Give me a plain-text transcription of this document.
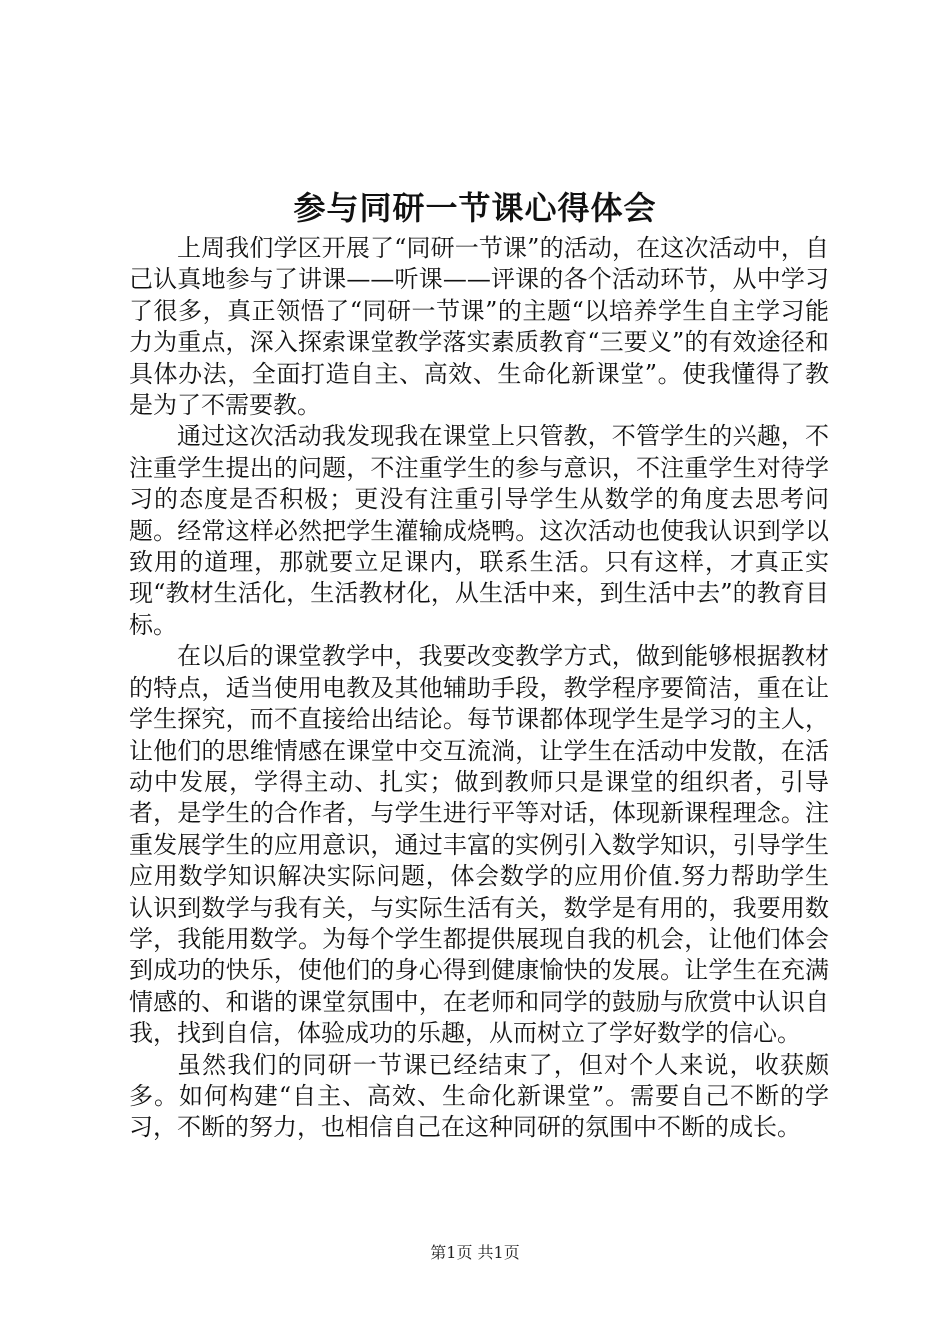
参与同研一节课心得体会

上周我们学区开展了“同研一节课”的活动，在这次活动中，自己认真地参与了讲课——听课——评课的各个活动环节，从中学习了很多，真正领悟了“同研一节课”的主题“以培养学生自主学习能力为重点，深入探索课堂教学落实素质教育“三要义”的有效途径和具体办法，全面打造自主、高效、生命化新课堂”。使我懂得了教是为了不需要教。

通过这次活动我发现我在课堂上只管教，不管学生的兴趣，不注重学生提出的问题，不注重学生的参与意识，不注重学生对待学习的态度是否积极；更没有注重引导学生从数学的角度去思考问题。经常这样必然把学生灌输成烧鸭。这次活动也使我认识到学以致用的道理，那就要立足课内，联系生活。只有这样，才真正实现“教材生活化，生活教材化，从生活中来，到生活中去”的教育目标。

在以后的课堂教学中，我要改变教学方式，做到能够根据教材的特点，适当使用电教及其他辅助手段，教学程序要简洁，重在让学生探究，而不直接给出结论。每节课都体现学生是学习的主人，让他们的思维情感在课堂中交互流淌，让学生在活动中发散，在活动中发展，学得主动、扎实；做到教师只是课堂的组织者，引导者，是学生的合作者，与学生进行平等对话，体现新课程理念。注重发展学生的应用意识，通过丰富的实例引入数学知识，引导学生应用数学知识解决实际问题，体会数学的应用价值.努力帮助学生认识到数学与我有关，与实际生活有关，数学是有用的，我要用数学，我能用数学。为每个学生都提供展现自我的机会，让他们体会到成功的快乐，使他们的身心得到健康愉快的发展。让学生在充满情感的、和谐的课堂氛围中，在老师和同学的鼓励与欣赏中认识自我，找到自信，体验成功的乐趣，从而树立了学好数学的信心。

虽然我们的同研一节课已经结束了，但对个人来说，收获颇多。如何构建“自主、高效、生命化新课堂”。需要自己不断的学习，不断的努力，也相信自己在这种同研的氛围中不断的成长。

第1页 共1页
